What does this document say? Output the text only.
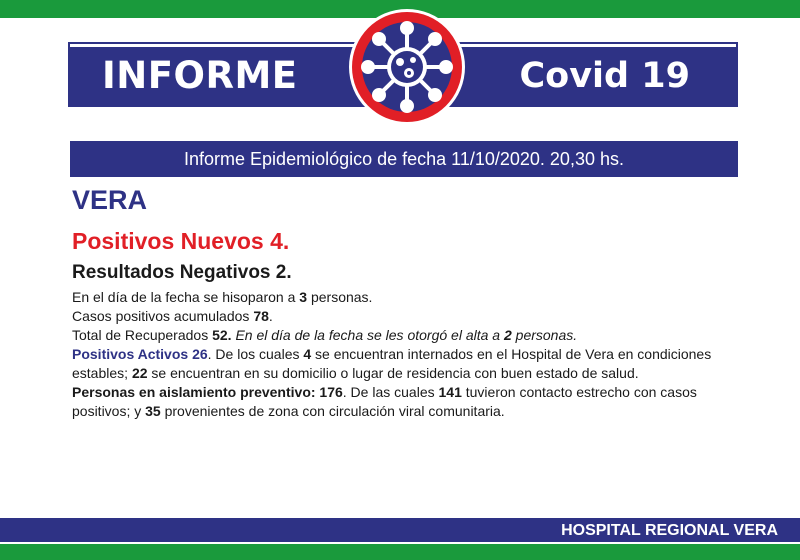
INFORME	Covid 19
Informe Epidemiológico de fecha 11/10/2020. 20,30 hs.
VERA
Positivos Nuevos 4.
Resultados Negativos 2.

En el día de la fecha se hisoparon a 3 personas.

Casos positivos acumulados 78.

Total de Recuperados 52. En el día de la fecha se les otorgó el alta a 2 personas.

Positivos Activos 26. De los cuales 4 se encuentran internados en el Hospital de Vera en condiciones estables; 22 se encuentran en su domicilio o lugar de residencia con buen estado de salud.

Personas en aislamiento preventivo: 176. De las cuales 141 tuvieron contacto estrecho con casos positivos; y 35 provenientes de zona con circulación viral comunitaria.

HOSPITAL REGIONAL VERA
